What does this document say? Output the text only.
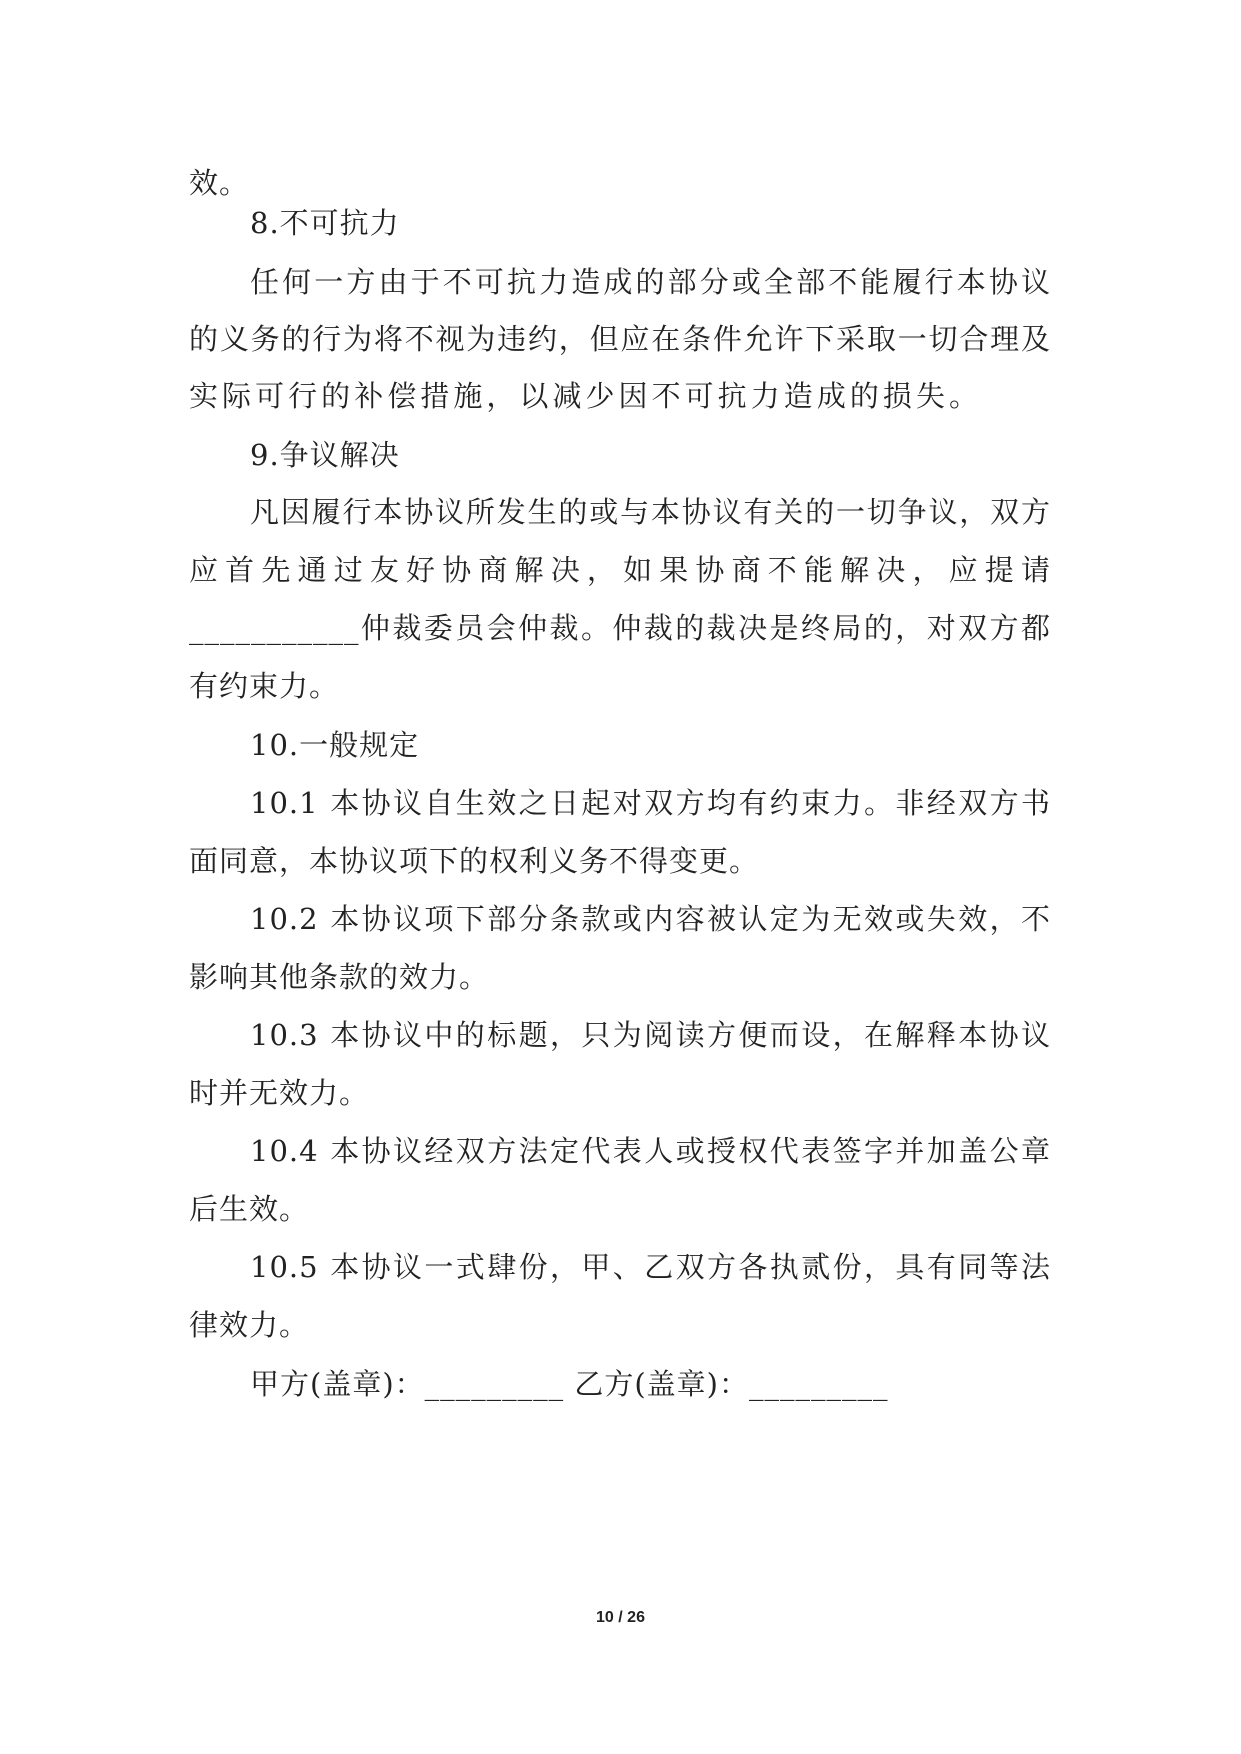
效。
8.不可抗力
任何一方由于不可抗力造成的部分或全部不能履行本协议
的义务的行为将不视为违约，但应在条件允许下采取一切合理及
实际可行的补偿措施，以减少因不可抗力造成的损失。
9.争议解决
凡因履行本协议所发生的或与本协议有关的一切争议，双方
应首先通过友好协商解决，如果协商不能解决，应提请
___________仲裁委员会仲裁。仲裁的裁决是终局的，对双方都
有约束力。
10.一般规定
10.1 本协议自生效之日起对双方均有约束力。非经双方书
面同意，本协议项下的权利义务不得变更。
10.2 本协议项下部分条款或内容被认定为无效或失效，不
影响其他条款的效力。
10.3 本协议中的标题，只为阅读方便而设，在解释本协议
时并无效力。
10.4 本协议经双方法定代表人或授权代表签字并加盖公章
后生效。
10.5 本协议一式肆份，甲、乙双方各执贰份，具有同等法
律效力。
甲方(盖章)：_________ 乙方(盖章)：_________
10 / 26
